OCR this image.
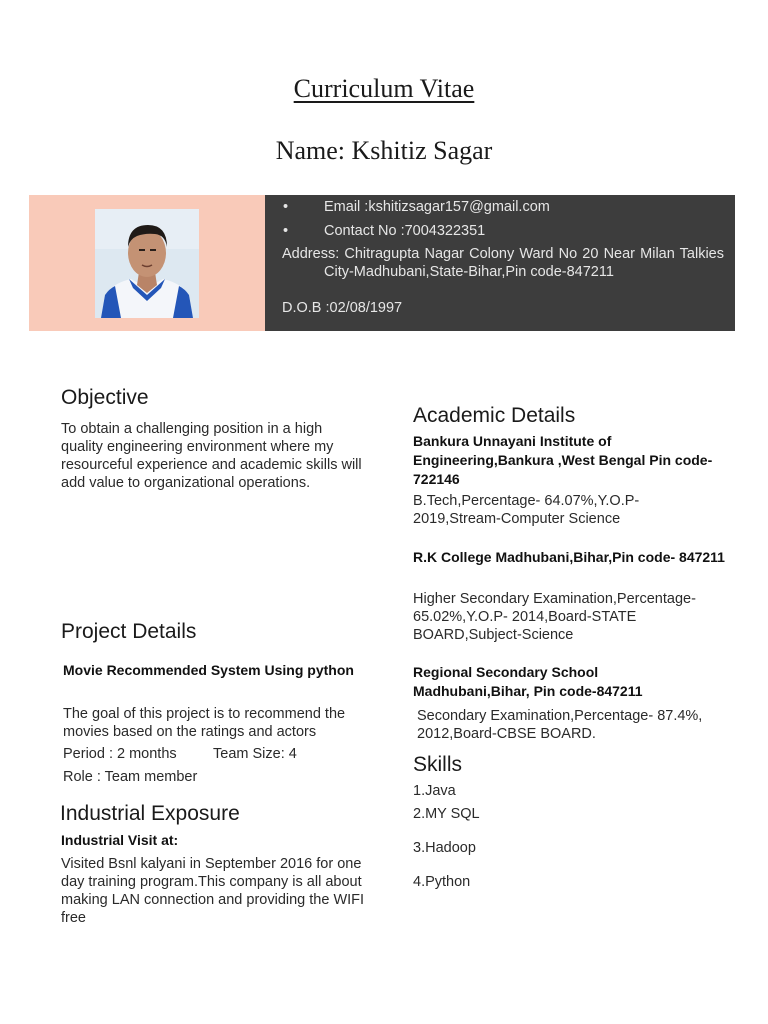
Curriculum Vitae
Name: Kshitiz Sagar
• Email :kshitizsagar157@gmail.com
• Contact No :7004322351
Address: Chitragupta Nagar Colony Ward No 20 Near Milan Talkies City-Madhubani,State-Bihar,Pin code-847211
D.O.B :02/08/1997
Objective
To obtain a challenging position in a high quality engineering environment where my resourceful experience and academic skills will add value to organizational operations.
Project Details
Movie Recommended System Using python
The goal of this project is to recommend the movies based on the ratings and actors
Period : 2 months	Team Size: 4
Role : Team member
Industrial Exposure
Industrial Visit at:
Visited Bsnl kalyani in September 2016 for one day training program.This company is all about making LAN connection and providing the WIFI free
Academic Details
Bankura Unnayani Institute of Engineering,Bankura ,West Bengal Pin code-722146
B.Tech,Percentage- 64.07%,Y.O.P- 2019,Stream-Computer Science
R.K College Madhubani,Bihar,Pin code- 847211
Higher Secondary Examination,Percentage- 65.02%,Y.O.P- 2014,Board-STATE BOARD,Subject-Science
Regional Secondary School Madhubani,Bihar, Pin code-847211
Secondary Examination,Percentage- 87.4%, 2012,Board-CBSE BOARD.
Skills
1.Java
2.MY SQL
3.Hadoop
4.Python
